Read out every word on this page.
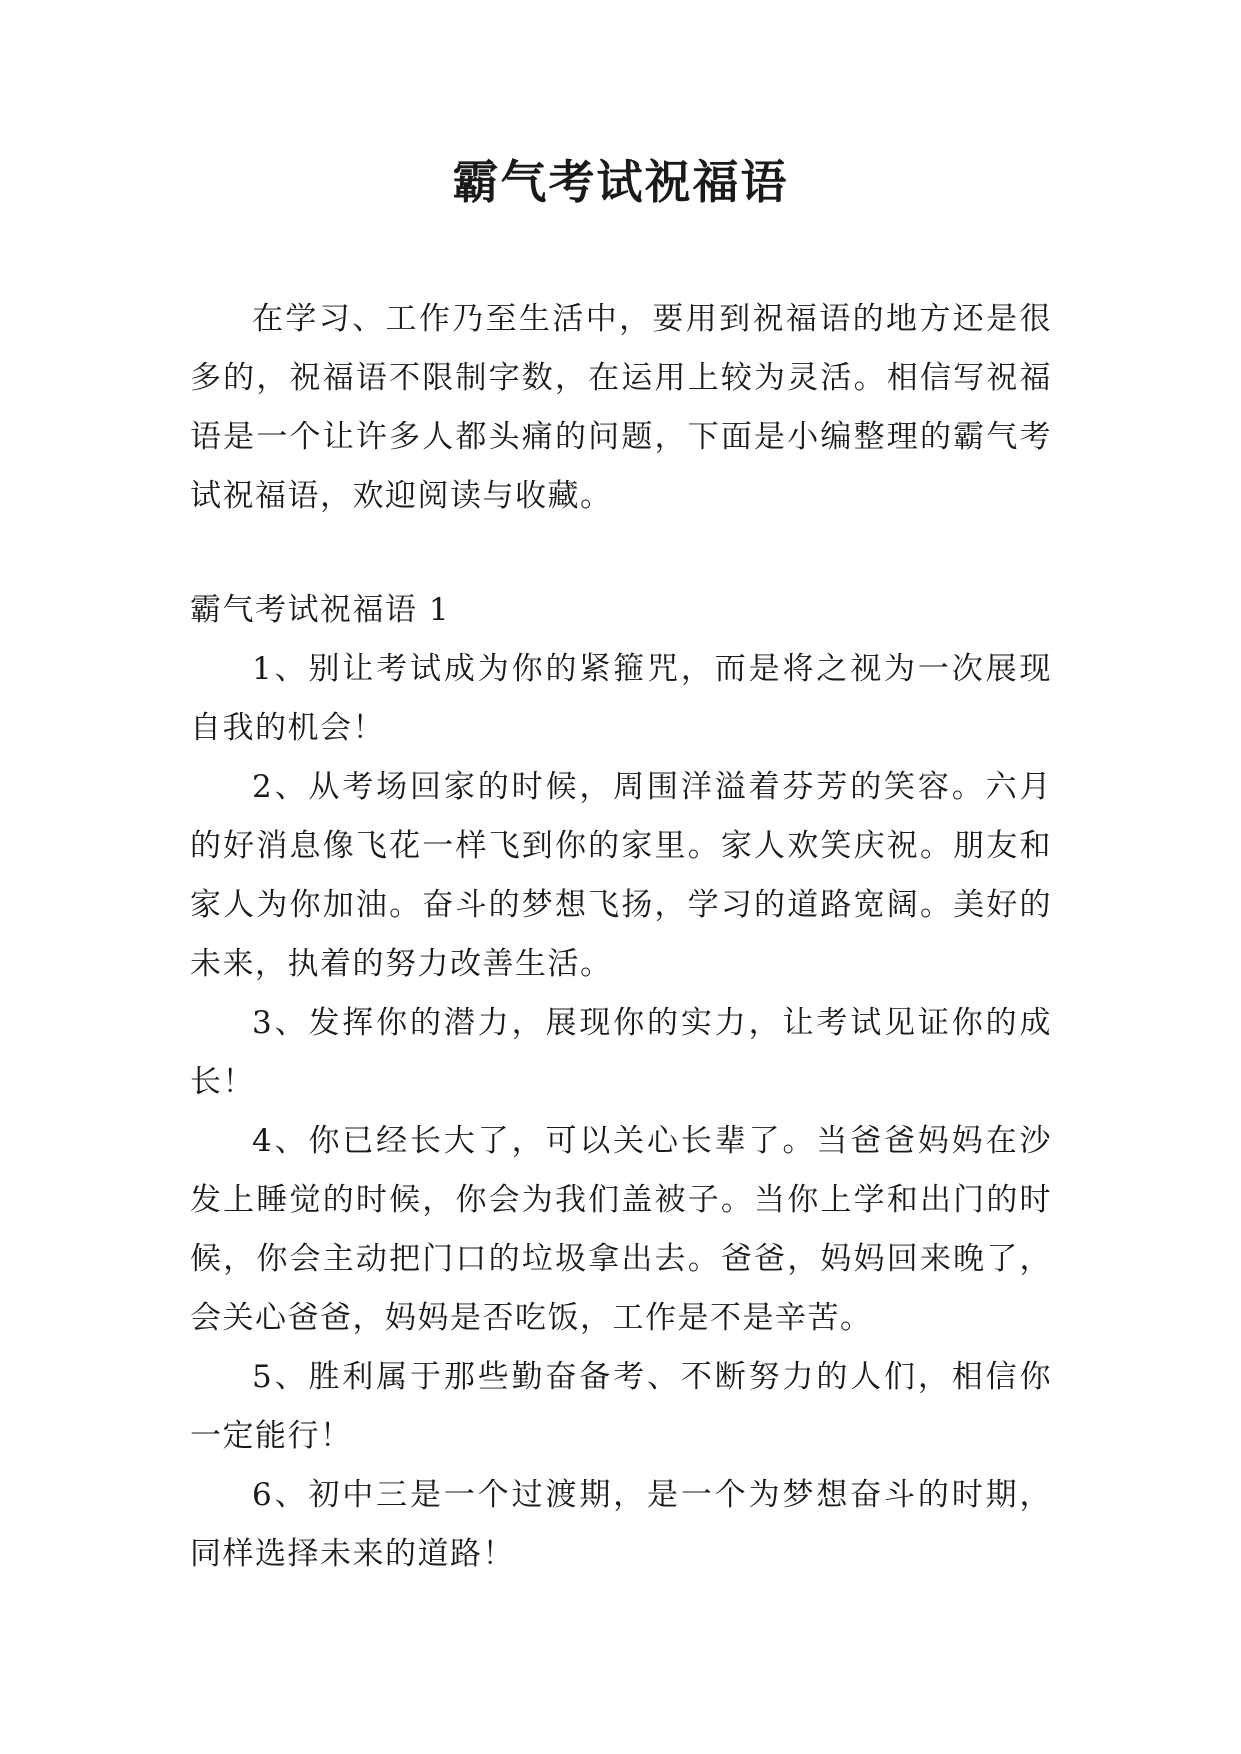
霸气考试祝福语

在学习、工作乃至生活中，要用到祝福语的地方还是很多的，祝福语不限制字数，在运用上较为灵活。相信写祝福语是一个让许多人都头痛的问题，下面是小编整理的霸气考试祝福语，欢迎阅读与收藏。

霸气考试祝福语 1

1、别让考试成为你的紧箍咒，而是将之视为一次展现自我的机会！

2、从考场回家的时候，周围洋溢着芬芳的笑容。六月的好消息像飞花一样飞到你的家里。家人欢笑庆祝。朋友和家人为你加油。奋斗的梦想飞扬，学习的道路宽阔。美好的未来，执着的努力改善生活。

3、发挥你的潜力，展现你的实力，让考试见证你的成长！

4、你已经长大了，可以关心长辈了。当爸爸妈妈在沙发上睡觉的时候，你会为我们盖被子。当你上学和出门的时候，你会主动把门口的垃圾拿出去。爸爸，妈妈回来晚了，会关心爸爸，妈妈是否吃饭，工作是不是辛苦。

5、胜利属于那些勤奋备考、不断努力的人们，相信你一定能行！

6、初中三是一个过渡期，是一个为梦想奋斗的时期，同样选择未来的道路！
